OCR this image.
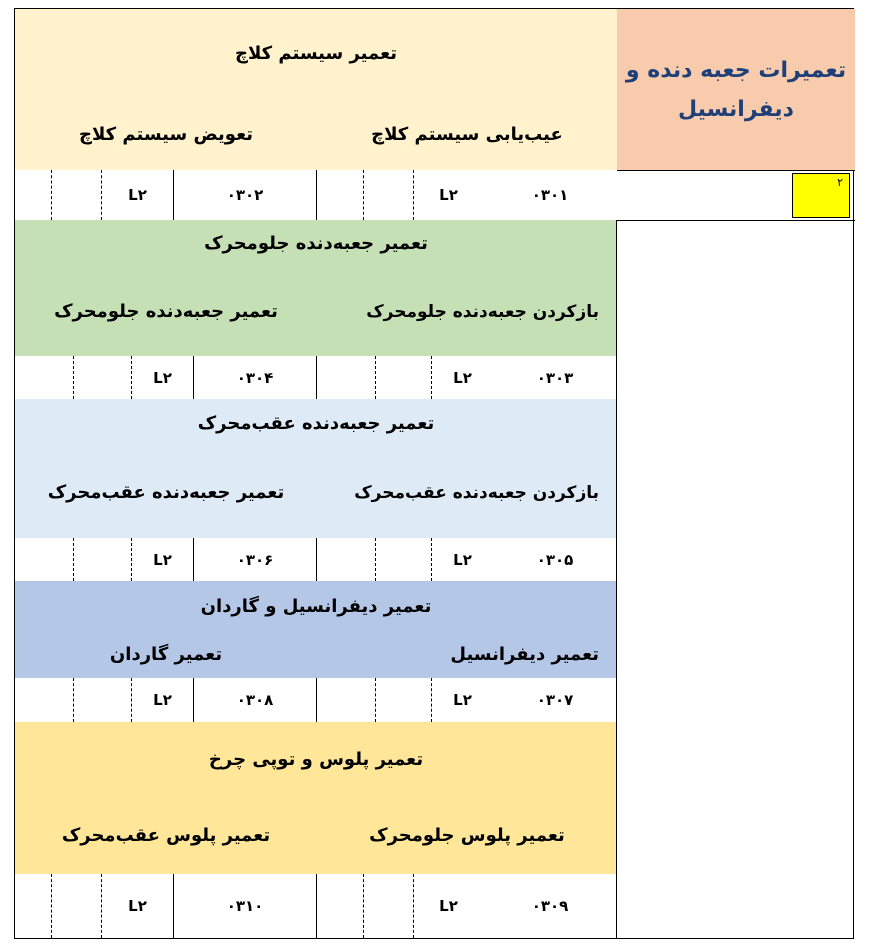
تعمیرات جعبه دنده و دیفرانسیل
۲
تعمیر سیستم کلاچ
عیب‌یابی سیستم کلاچ
تعویض سیستم کلاچ
۰۳۰۱
L۲
۰۳۰۲
L۲
تعمیر جعبه‌دنده جلومحرک
بازکردن جعبه‌دنده جلومحرک
تعمیر جعبه‌دنده جلومحرک
۰۳۰۳
L۲
۰۳۰۴
L۲
تعمیر جعبه‌دنده عقب‌محرک
بازکردن جعبه‌دنده عقب‌محرک
تعمیر جعبه‌دنده عقب‌محرک
۰۳۰۵
L۲
۰۳۰۶
L۲
تعمیر دیفرانسیل و گاردان
تعمیر دیفرانسیل
تعمیر گاردان
۰۳۰۷
L۲
۰۳۰۸
L۲
تعمیر پلوس و توپی چرخ
تعمیر پلوس جلومحرک
تعمیر پلوس عقب‌محرک
۰۳۰۹
L۲
۰۳۱۰
L۲
